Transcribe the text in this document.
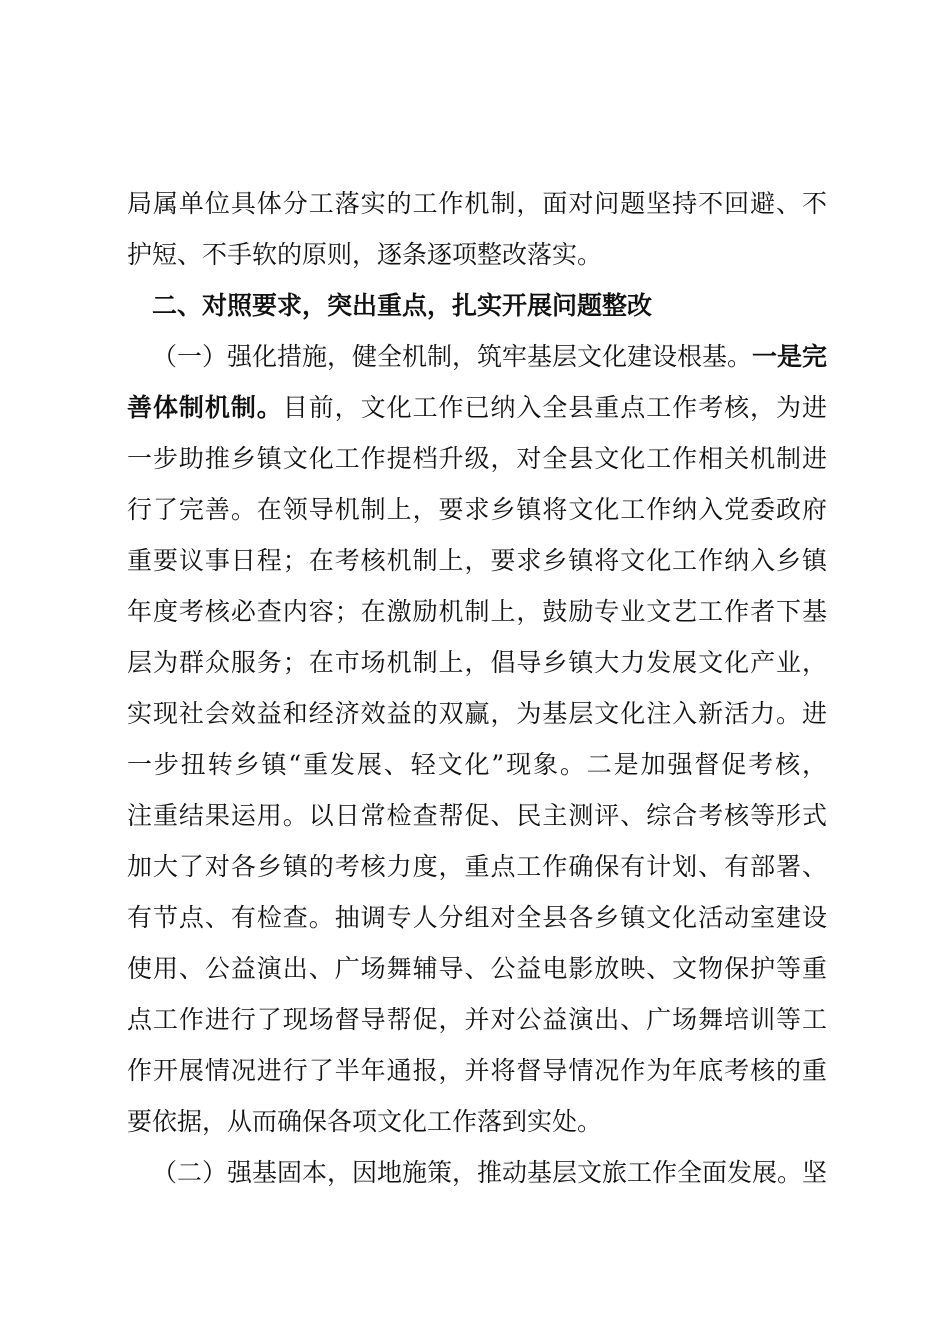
局属单位具体分工落实的工作机制，面对问题坚持不回避、不
护短、不手软的原则，逐条逐项整改落实。
二、对照要求，突出重点，扎实开展问题整改
（一）强化措施，健全机制，筑牢基层文化建设根基。一是完
善体制机制。目前，文化工作已纳入全县重点工作考核，为进
一步助推乡镇文化工作提档升级，对全县文化工作相关机制进
行了完善。在领导机制上，要求乡镇将文化工作纳入党委政府
重要议事日程；在考核机制上，要求乡镇将文化工作纳入乡镇
年度考核必查内容；在激励机制上，鼓励专业文艺工作者下基
层为群众服务；在市场机制上，倡导乡镇大力发展文化产业，
实现社会效益和经济效益的双赢，为基层文化注入新活力。进
一步扭转乡镇“重发展、轻文化”现象。二是加强督促考核，
注重结果运用。以日常检查帮促、民主测评、综合考核等形式
加大了对各乡镇的考核力度，重点工作确保有计划、有部署、
有节点、有检查。抽调专人分组对全县各乡镇文化活动室建设
使用、公益演出、广场舞辅导、公益电影放映、文物保护等重
点工作进行了现场督导帮促，并对公益演出、广场舞培训等工
作开展情况进行了半年通报，并将督导情况作为年底考核的重
要依据，从而确保各项文化工作落到实处。
（二）强基固本，因地施策，推动基层文旅工作全面发展。坚
